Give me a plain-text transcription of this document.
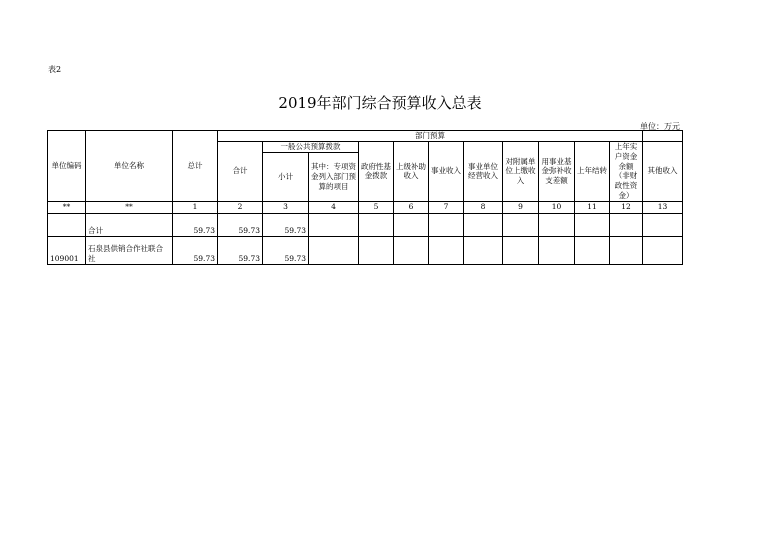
表2
2019年部门综合预算收入总表
单位：万元
单位编码	单位名称	总计	部门预算											
			合计	一般公共预算拨款		政府性基金拨款	上级补助收入	事业收入	事业单位经营收入	对附属单位上缴收入	用事业基金弥补收支差额	上年结转	上年实户资金余额（非财政性资金）	其他收入
				小计	其中：专项资金列入部门预算的项目									

**	**	1	2	3	4	5	6	7	8	9	10	11	12	13
	合计	59.73	59.73	59.73										
109001	石泉县供销合作社联合社	59.73	59.73	59.73										
